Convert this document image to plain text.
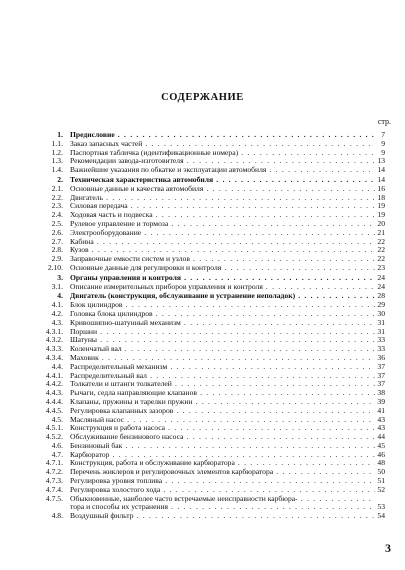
СОДЕРЖАНИЕ
стр.
1. Предисловие . . .	7
1.1. Заказ запасных частей . . .	9
1.2. Паспортная табличка (идентификационные номера) . . .	9
1.3. Рекомендации завода-изготовителя . . .	13
1.4. Важнейшие указания по обкатке и эксплуатации автомобиля . . .	14
2. Техническая характеристика автомобиля . . .	14
2.1. Основные данные и качества автомобиля . . .	16
2.2. Двигатель . . .	18
2.3. Силовая передача . . .	19
2.4. Ходовая часть и подвеска . . .	19
2.5. Рулевое управление и тормоза . . .	20
2.6. Электрооборудование . . .	21
2.7. Кабина . . .	22
2.8. Кузов . . .	22
2.9. Заправочные емкости систем и узлов . . .	22
2.10. Основные данные для регулировки и контроля . . .	23
3. Органы управления и контроля . . .	24
3.1. Описание измерительных приборов управления и контроля . . .	24
4. Двигатель (конструкция, обслуживание и устранение неполадок) . . .	28
4.1. Блок цилиндров . . .	29
4.2. Головка блока цилиндров . . .	30
4.3. Кривошипно-шатунный механизм . . .	31
4.3.1. Поршни . . .	31
4.3.2. Шатуны . . .	33
4.3.3. Коленчатый вал . . .	33
4.3.4. Маховик . . .	36
4.4. Распределительный механизм . . .	37
4.4.1. Распределительный вал . . .	37
4.4.2. Толкатели и штанги толкателей . . .	37
4.4.3. Рычаги, седла направляющие клапанов . . .	38
4.4.4. Клапаны, пружины и тарелки пружин . . .	39
4.4.5. Регулировка клапанных зазоров . . .	41
4.5. Масляный насос . . .	43
4.5.1. Конструкция и работа насоса . . .	43
4.5.2. Обслуживание бензинового насоса . . .	44
4.6. Бензиновый бак . . .	45
4.7. Карбюратор . . .	46
4.7.1. Конструкция, работа и обслуживание карбюратора . . .	48
4.7.2. Перечень жиклеров и регулировочных элементов карбюратора . . .	50
4.7.3. Регулировка уровня топлива . . .	51
4.7.4. Регулировка холостого хода . . .	52
4.7.5. Обыкновенные, наиболее часто встречаемые неисправности карбюра- . . .
тора и способы их устранения . . .	53
4.8. Воздушный фильтр . . .	54
3
